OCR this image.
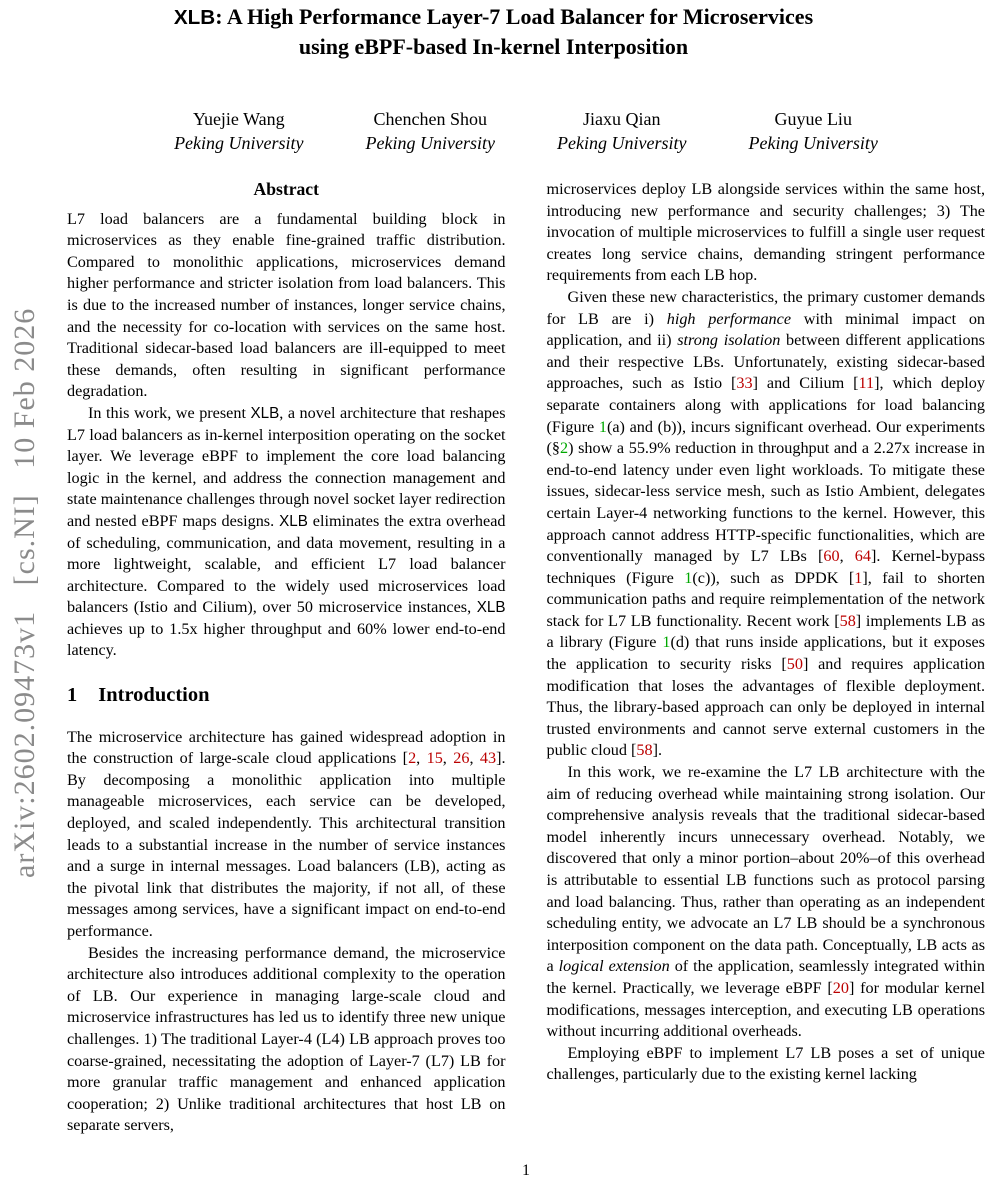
arXiv:2602.09473v1   [cs.NI]   10 Feb 2026
XLB: A High Performance Layer-7 Load Balancer for Microservices
using eBPF-based In-kernel Interposition
Yuejie Wang
Peking University
Chenchen Shou
Peking University
Jiaxu Qian
Peking University
Guyue Liu
Peking University
Abstract
L7 load balancers are a fundamental building block in microservices as they enable fine-grained traffic distribution. Compared to monolithic applications, microservices demand higher performance and stricter isolation from load balancers. This is due to the increased number of instances, longer service chains, and the necessity for co-location with services on the same host. Traditional sidecar-based load balancers are ill-equipped to meet these demands, often resulting in significant performance degradation.
In this work, we present XLB, a novel architecture that reshapes L7 load balancers as in-kernel interposition operating on the socket layer. We leverage eBPF to implement the core load balancing logic in the kernel, and address the connection management and state maintenance challenges through novel socket layer redirection and nested eBPF maps designs. XLB eliminates the extra overhead of scheduling, communication, and data movement, resulting in a more lightweight, scalable, and efficient L7 load balancer architecture. Compared to the widely used microservices load balancers (Istio and Cilium), over 50 microservice instances, XLB achieves up to 1.5x higher throughput and 60% lower end-to-end latency.
1 Introduction
The microservice architecture has gained widespread adoption in the construction of large-scale cloud applications [2, 15, 26, 43]. By decomposing a monolithic application into multiple manageable microservices, each service can be developed, deployed, and scaled independently. This architectural transition leads to a substantial increase in the number of service instances and a surge in internal messages. Load balancers (LB), acting as the pivotal link that distributes the majority, if not all, of these messages among services, have a significant impact on end-to-end performance.
Besides the increasing performance demand, the microservice architecture also introduces additional complexity to the operation of LB. Our experience in managing large-scale cloud and microservice infrastructures has led us to identify three new unique challenges. 1) The traditional Layer-4 (L4) LB approach proves too coarse-grained, necessitating the adoption of Layer-7 (L7) LB for more granular traffic management and enhanced application cooperation; 2) Unlike traditional architectures that host LB on separate servers,
microservices deploy LB alongside services within the same host, introducing new performance and security challenges; 3) The invocation of multiple microservices to fulfill a single user request creates long service chains, demanding stringent performance requirements from each LB hop.
Given these new characteristics, the primary customer demands for LB are i) high performance with minimal impact on application, and ii) strong isolation between different applications and their respective LBs. Unfortunately, existing sidecar-based approaches, such as Istio [33] and Cilium [11], which deploy separate containers along with applications for load balancing (Figure 1(a) and (b)), incurs significant overhead. Our experiments (§2) show a 55.9% reduction in throughput and a 2.27x increase in end-to-end latency under even light workloads. To mitigate these issues, sidecar-less service mesh, such as Istio Ambient, delegates certain Layer-4 networking functions to the kernel. However, this approach cannot address HTTP-specific functionalities, which are conventionally managed by L7 LBs [60, 64]. Kernel-bypass techniques (Figure 1(c)), such as DPDK [1], fail to shorten communication paths and require reimplementation of the network stack for L7 LB functionality. Recent work [58] implements LB as a library (Figure 1(d) that runs inside applications, but it exposes the application to security risks [50] and requires application modification that loses the advantages of flexible deployment. Thus, the library-based approach can only be deployed in internal trusted environments and cannot serve external customers in the public cloud [58].
In this work, we re-examine the L7 LB architecture with the aim of reducing overhead while maintaining strong isolation. Our comprehensive analysis reveals that the traditional sidecar-based model inherently incurs unnecessary overhead. Notably, we discovered that only a minor portion–about 20%–of this overhead is attributable to essential LB functions such as protocol parsing and load balancing. Thus, rather than operating as an independent scheduling entity, we advocate an L7 LB should be a synchronous interposition component on the data path. Conceptually, LB acts as a logical extension of the application, seamlessly integrated within the kernel. Practically, we leverage eBPF [20] for modular kernel modifications, messages interception, and executing LB operations without incurring additional overheads.
Employing eBPF to implement L7 LB poses a set of unique challenges, particularly due to the existing kernel lacking
1
